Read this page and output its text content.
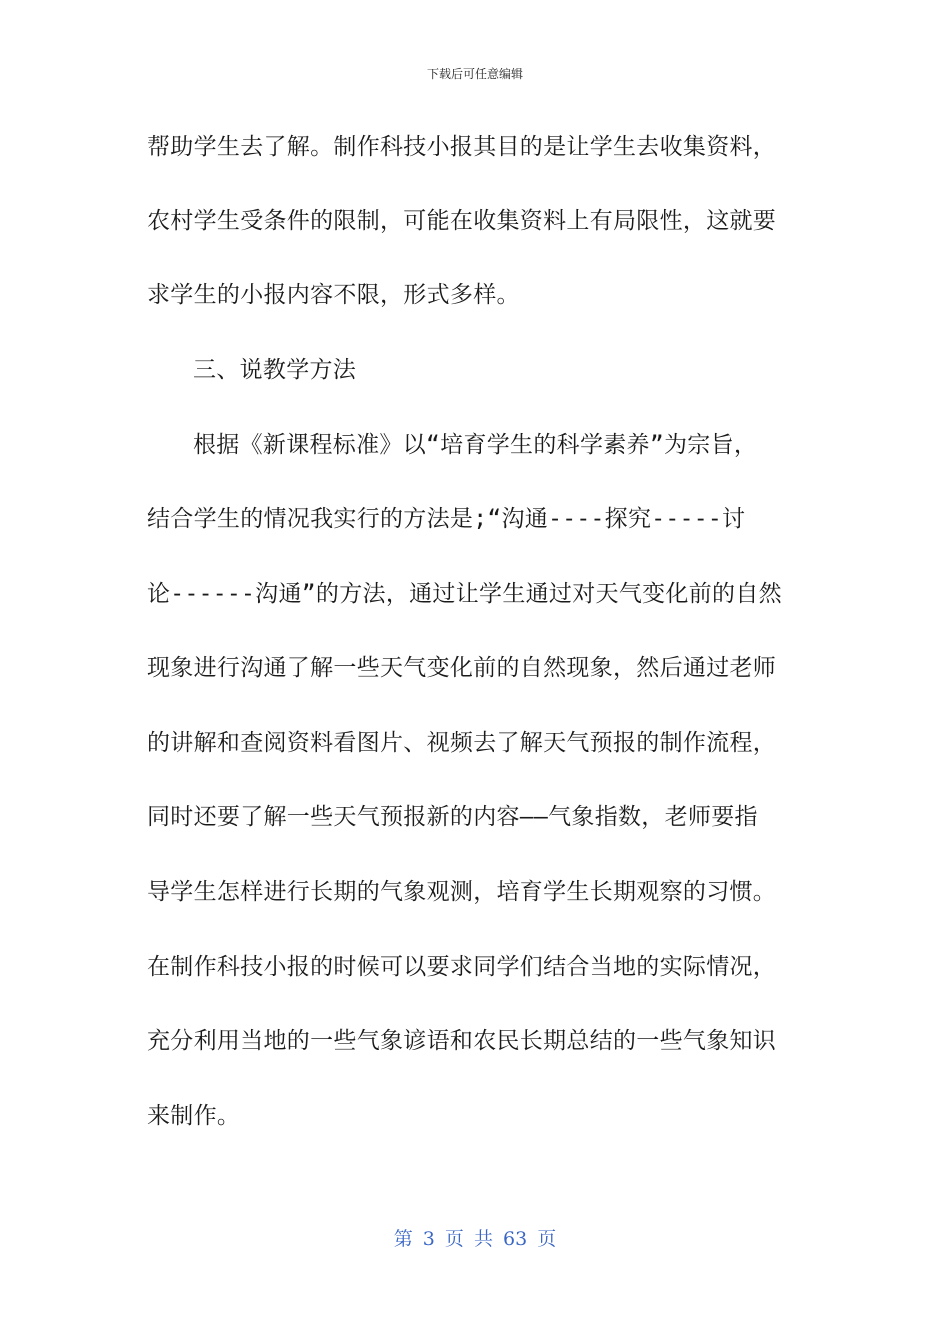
下载后可任意编辑
帮助学生去了解。制作科技小报其目的是让学生去收集资料，
农村学生受条件的限制，可能在收集资料上有局限性，这就要
求学生的小报内容不限，形式多样。
三、说教学方法
根据《新课程标准》以“培育学生的科学素养”为宗旨，
结合学生的情况我实行的方法是;“沟通----探究-----讨
论------沟通”的方法，通过让学生通过对天气变化前的自然
现象进行沟通了解一些天气变化前的自然现象，然后通过老师
的讲解和查阅资料看图片、视频去了解天气预报的制作流程，
同时还要了解一些天气预报新的内容——气象指数，老师要指
导学生怎样进行长期的气象观测，培育学生长期观察的习惯。
在制作科技小报的时候可以要求同学们结合当地的实际情况，
充分利用当地的一些气象谚语和农民长期总结的一些气象知识
来制作。
第 3 页 共 63 页
